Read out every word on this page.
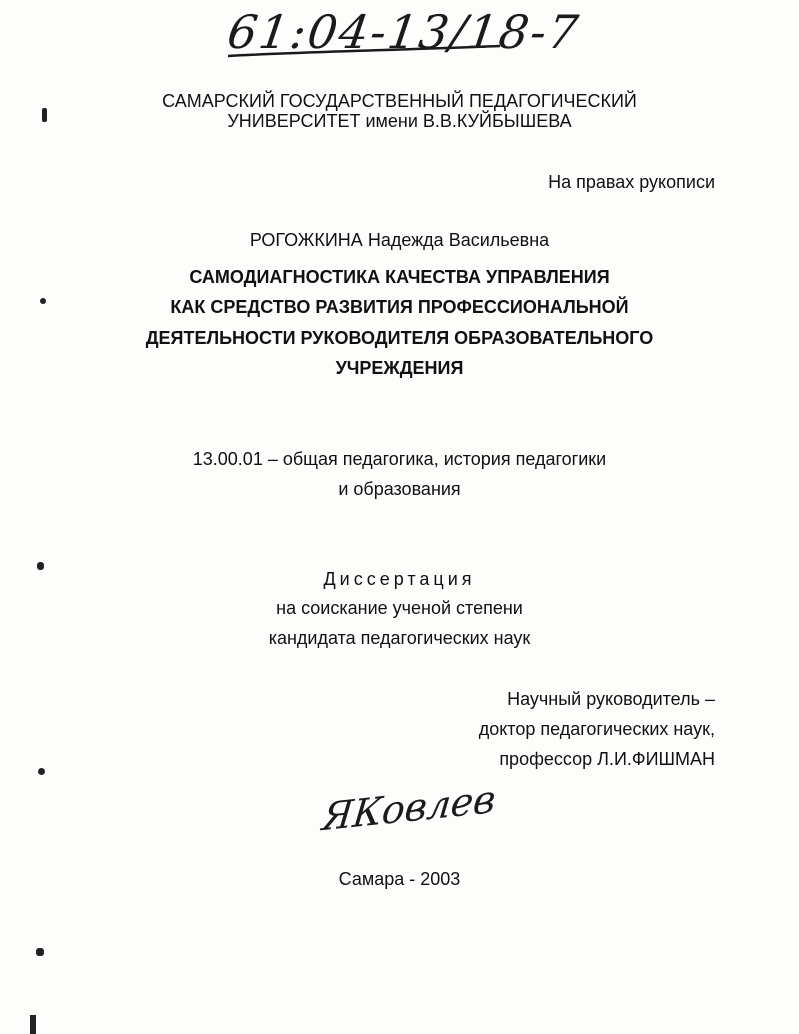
61:04-13/18-7
САМАРСКИЙ ГОСУДАРСТВЕННЫЙ ПЕДАГОГИЧЕСКИЙ
УНИВЕРСИТЕТ имени В.В.КУЙБЫШЕВА
На правах рукописи
РОГОЖКИНА Надежда Васильевна
САМОДИАГНОСТИКА КАЧЕСТВА УПРАВЛЕНИЯ
КАК СРЕДСТВО РАЗВИТИЯ ПРОФЕССИОНАЛЬНОЙ
ДЕЯТЕЛЬНОСТИ РУКОВОДИТЕЛЯ ОБРАЗОВАТЕЛЬНОГО
УЧРЕЖДЕНИЯ
13.00.01 – общая педагогика, история педагогики
и образования
Диссертация
на соискание ученой степени
кандидата педагогических наук
Научный руководитель –
доктор педагогических наук,
профессор Л.И.ФИШМАН
ЯКовлев
Самара - 2003
